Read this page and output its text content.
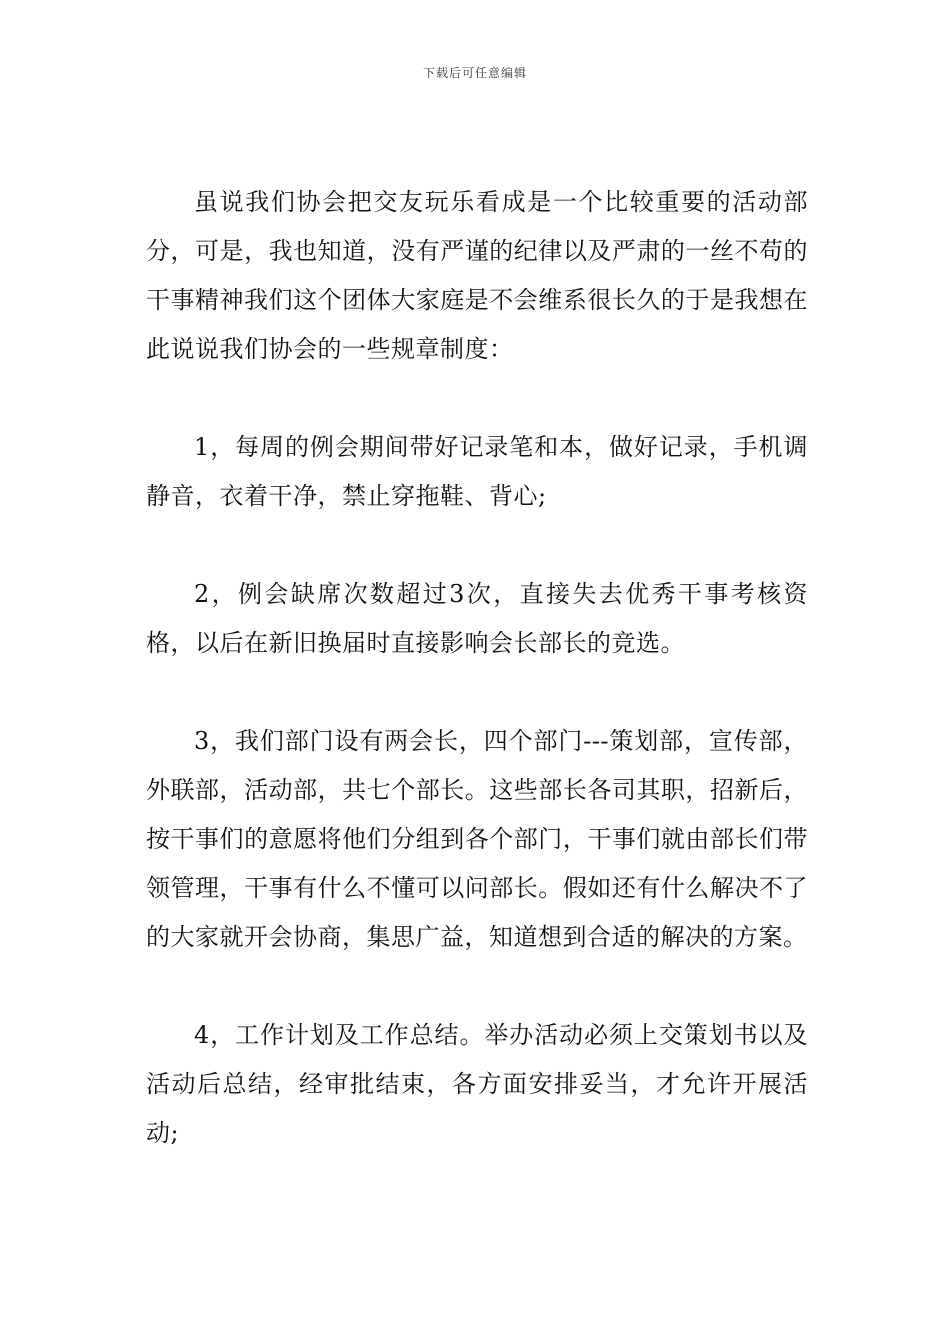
下载后可任意编辑

虽说我们协会把交友玩乐看成是一个比较重要的活动部分，可是，我也知道，没有严谨的纪律以及严肃的一丝不苟的干事精神我们这个团体大家庭是不会维系很长久的于是我想在此说说我们协会的一些规章制度：

1，每周的例会期间带好记录笔和本，做好记录，手机调静音，衣着干净，禁止穿拖鞋、背心;

2，例会缺席次数超过3次，直接失去优秀干事考核资格，以后在新旧换届时直接影响会长部长的竞选。

3，我们部门设有两会长，四个部门---策划部，宣传部，外联部，活动部，共七个部长。这些部长各司其职，招新后，按干事们的意愿将他们分组到各个部门，干事们就由部长们带领管理，干事有什么不懂可以问部长。假如还有什么解决不了的大家就开会协商，集思广益，知道想到合适的解决的方案。

4，工作计划及工作总结。举办活动必须上交策划书以及活动后总结，经审批结束，各方面安排妥当，才允许开展活动;
